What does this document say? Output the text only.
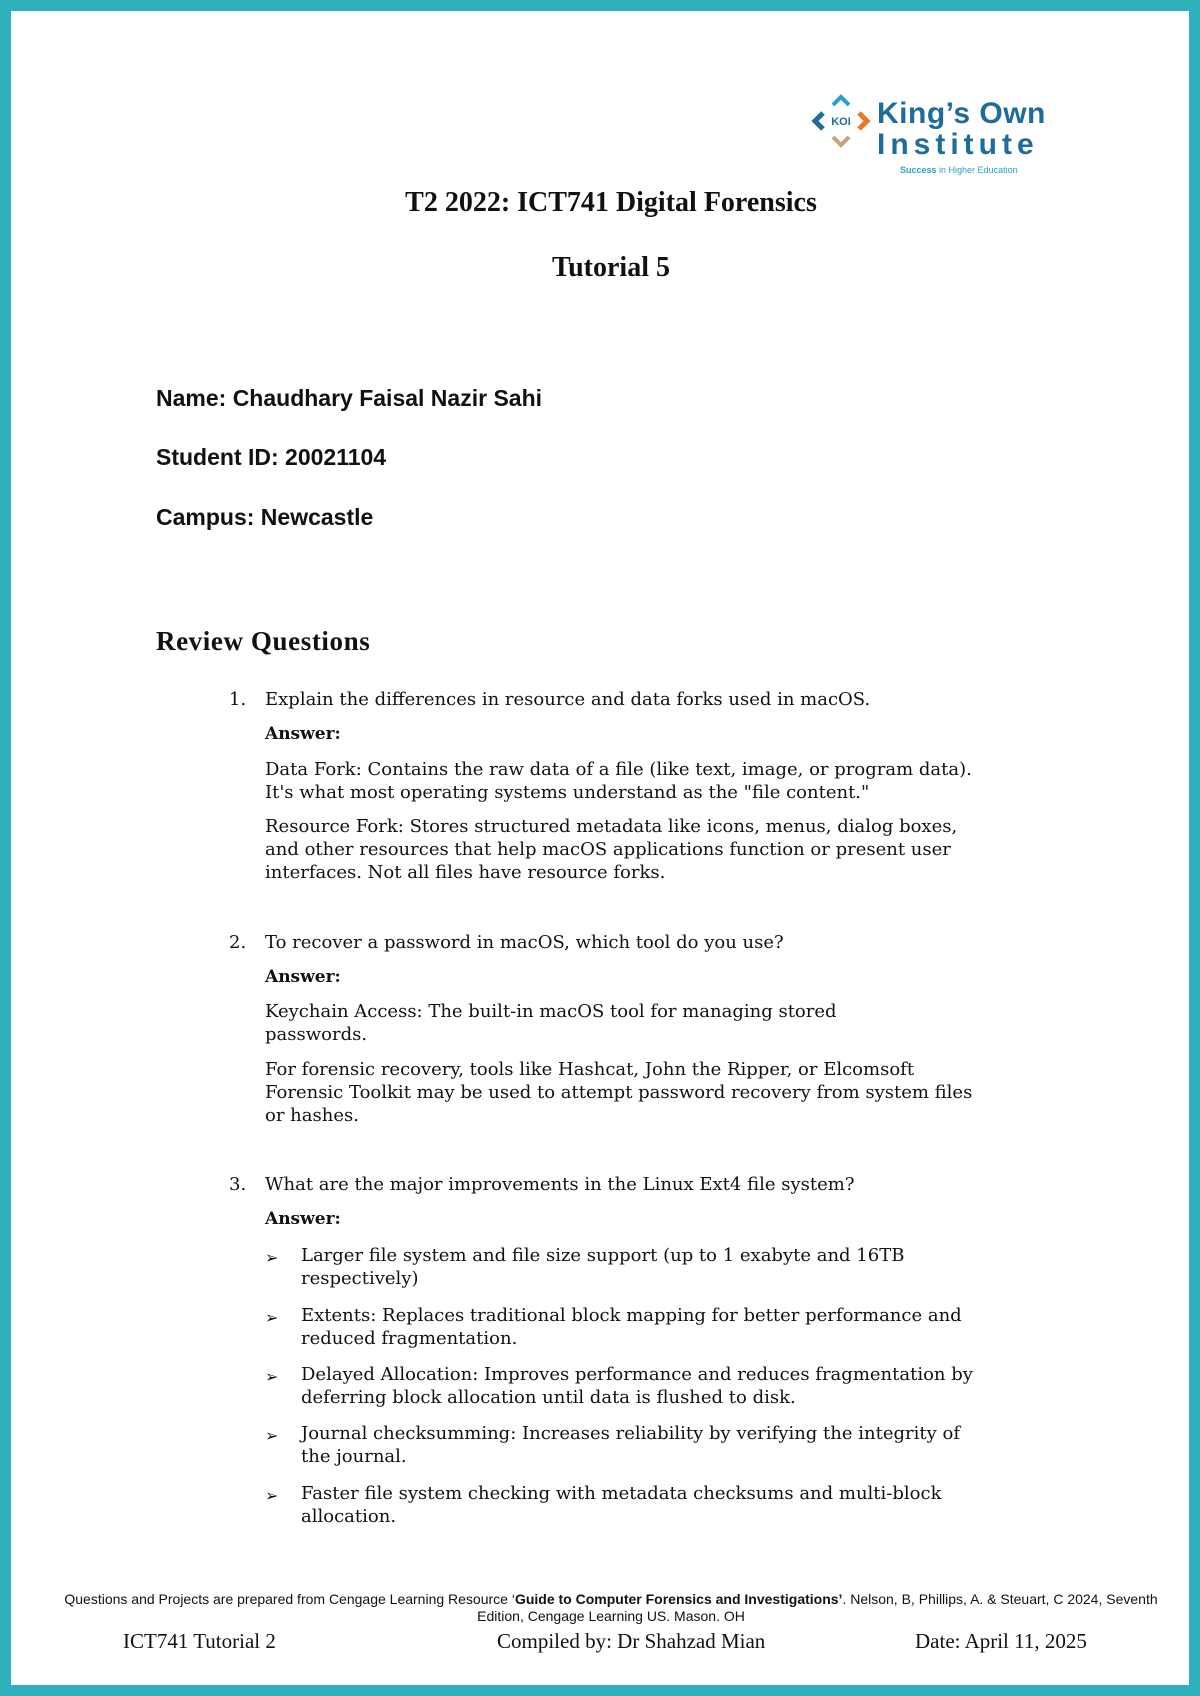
KOI King’s Own
Institute
Success in Higher Education
T2 2022: ICT741 Digital Forensics
Tutorial 5
Name: Chaudhary Faisal Nazir Sahi
Student ID: 20021104
Campus: Newcastle
Review Questions
1. Explain the differences in resource and data forks used in macOS.
Answer:
Data Fork: Contains the raw data of a file (like text, image, or program data). It's what most operating systems understand as the "file content."
Resource Fork: Stores structured metadata like icons, menus, dialog boxes, and other resources that help macOS applications function or present user interfaces. Not all files have resource forks.
2. To recover a password in macOS, which tool do you use?
Answer:
Keychain Access: The built-in macOS tool for managing stored passwords.
For forensic recovery, tools like Hashcat, John the Ripper, or Elcomsoft Forensic Toolkit may be used to attempt password recovery from system files or hashes.
3. What are the major improvements in the Linux Ext4 file system?
Answer:
➢ Larger file system and file size support (up to 1 exabyte and 16TB respectively)
➢ Extents: Replaces traditional block mapping for better performance and reduced fragmentation.
➢ Delayed Allocation: Improves performance and reduces fragmentation by deferring block allocation until data is flushed to disk.
➢ Journal checksumming: Increases reliability by verifying the integrity of the journal.
➢ Faster file system checking with metadata checksums and multi-block allocation.
Questions and Projects are prepared from Cengage Learning Resource ‘Guide to Computer Forensics and Investigations’. Nelson, B, Phillips, A. & Steuart, C 2024, Seventh Edition, Cengage Learning US. Mason. OH
ICT741 Tutorial 2	Compiled by: Dr Shahzad Mian	Date: April 11, 2025
